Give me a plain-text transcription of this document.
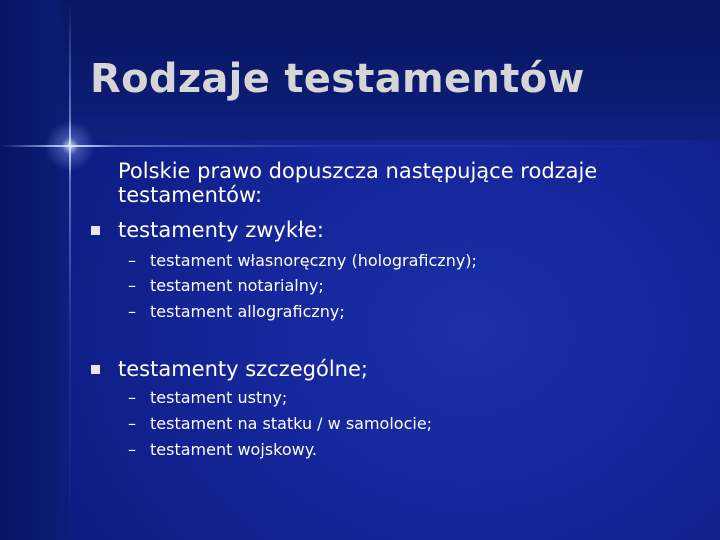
Rodzaje testamentów

Polskie prawo dopuszcza następujące rodzaje

testamentów:

testamenty zwykłe:

– testament własnoręczny (holograficzny);

– testament notarialny;

– testament allograficzny;

testamenty szczególne;

– testament ustny;

– testament na statku / w samolocie;

– testament wojskowy.
